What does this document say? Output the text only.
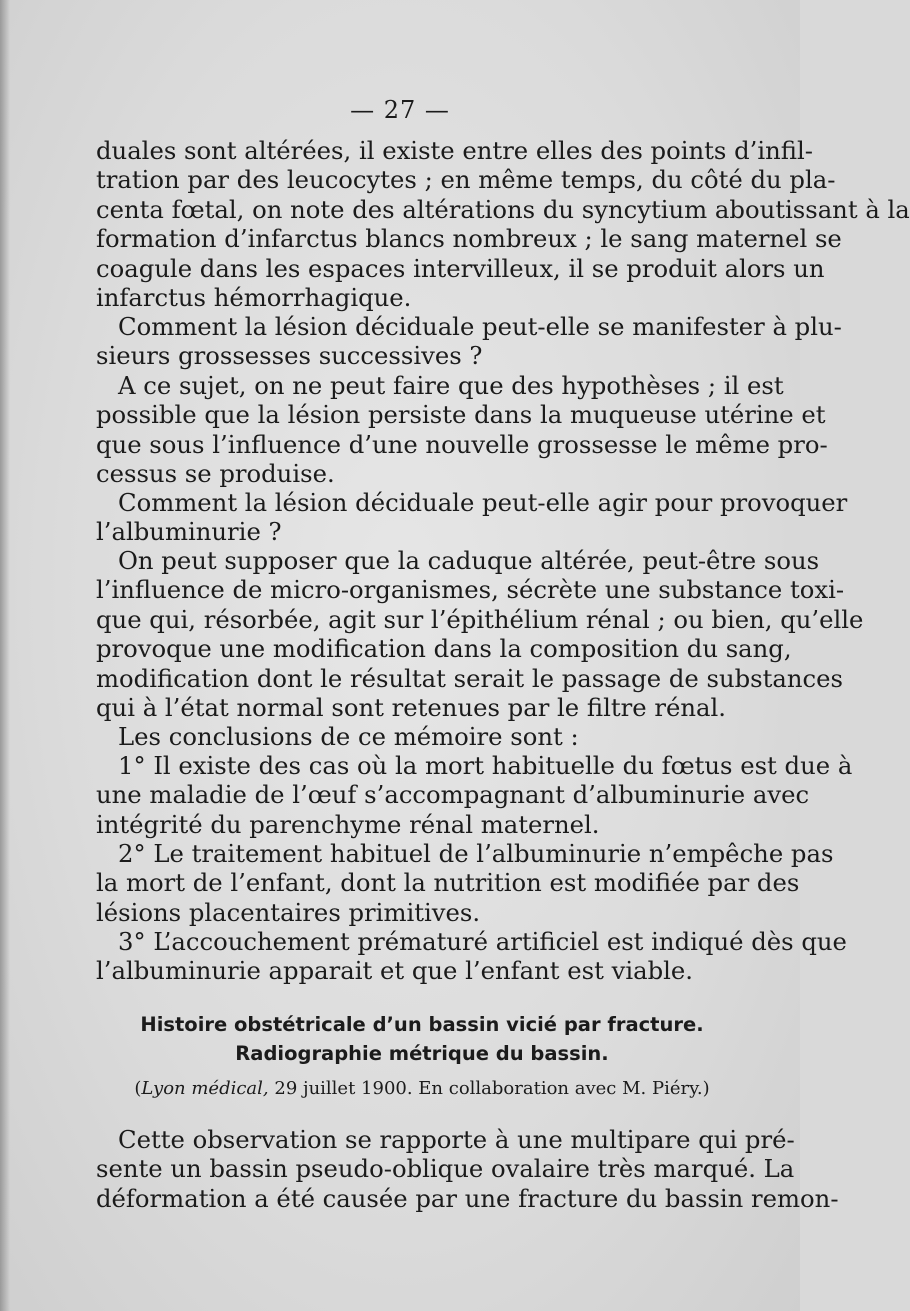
— 27 —
duales sont altérées, il existe entre elles des points d’infil-
tration par des leucocytes ; en même temps, du côté du pla-
centa fœtal, on note des altérations du syncytium aboutissant à la
formation d’infarctus blancs nombreux ; le sang maternel se
coagule dans les espaces intervilleux, il se produit alors un
infarctus hémorrhagique.
Comment la lésion déciduale peut-elle se manifester à plu-
sieurs grossesses successives ?
A ce sujet, on ne peut faire que des hypothèses ; il est
possible que la lésion persiste dans la muqueuse utérine et
que sous l’influence d’une nouvelle grossesse le même pro-
cessus se produise.
Comment la lésion déciduale peut-elle agir pour provoquer
l’albuminurie ?
On peut supposer que la caduque altérée, peut-être sous
l’influence de micro-organismes, sécrète une substance toxi-
que qui, résorbée, agit sur l’épithélium rénal ; ou bien, qu’elle
provoque une modification dans la composition du sang,
modification dont le résultat serait le passage de substances
qui à l’état normal sont retenues par le filtre rénal.
Les conclusions de ce mémoire sont :
1° Il existe des cas où la mort habituelle du fœtus est due à
une maladie de l’œuf s’accompagnant d’albuminurie avec
intégrité du parenchyme rénal maternel.
2° Le traitement habituel de l’albuminurie n’empêche pas
la mort de l’enfant, dont la nutrition est modifiée par des
lésions placentaires primitives.
3° L’accouchement prématuré artificiel est indiqué dès que
l’albuminurie apparait et que l’enfant est viable.
Histoire obstétricale d’un bassin vicié par fracture.
Radiographie métrique du bassin.
(Lyon médical, 29 juillet 1900. En collaboration avec M. Piéry.)
Cette observation se rapporte à une multipare qui pré-
sente un bassin pseudo-oblique ovalaire très marqué. La
déformation a été causée par une fracture du bassin remon-
